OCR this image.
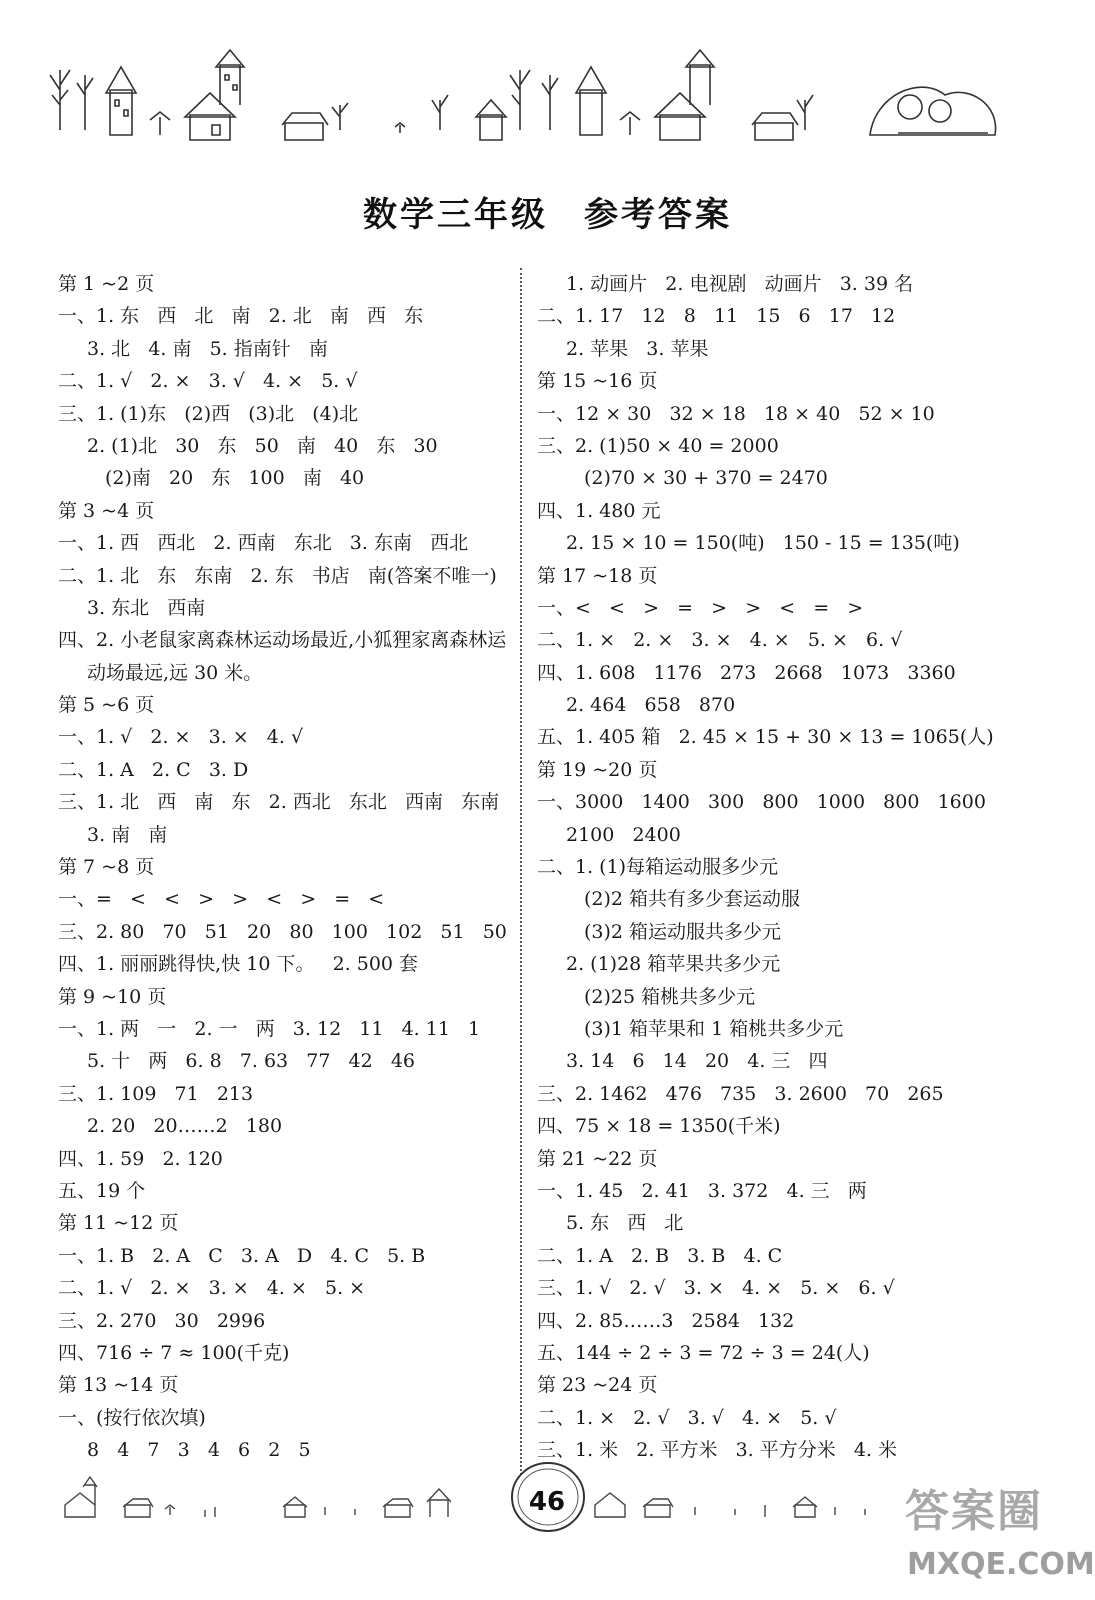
数学三年级 参考答案
第 1 ~2 页
一、1. 东   西   北   南   2. 北   南   西   东
3. 北   4. 南   5. 指南针   南
二、1. √   2. ×   3. √   4. ×   5. √
三、1. (1)东   (2)西   (3)北   (4)北
2. (1)北   30   东   50   南   40   东   30
(2)南   20   东   100   南   40
第 3 ~4 页
一、1. 西   西北   2. 西南   东北   3. 东南   西北
二、1. 北   东   东南   2. 东   书店   南(答案不唯一)
3. 东北   西南
四、2. 小老鼠家离森林运动场最近,小狐狸家离森林运
动场最远,远 30 米。
第 5 ~6 页
一、1. √   2. ×   3. ×   4. √
二、1. A   2. C   3. D
三、1. 北   西   南   东   2. 西北   东北   西南   东南
3. 南   南
第 7 ~8 页
一、=   <   <   >   >   <   >   =   <
三、2. 80   70   51   20   80   100   102   51   50
四、1. 丽丽跳得快,快 10 下。   2. 500 套
第 9 ~10 页
一、1. 两   一   2. 一   两   3. 12   11   4. 11   1
5. 十   两   6. 8   7. 63   77   42   46
三、1. 109   71   213
2. 20   20……2   180
四、1. 59   2. 120
五、19 个
第 11 ~12 页
一、1. B   2. A   C   3. A   D   4. C   5. B
二、1. √   2. ×   3. ×   4. ×   5. ×
三、2. 270   30   2996
四、716 ÷ 7 ≈ 100(千克)
第 13 ~14 页
一、(按行依次填)
8   4   7   3   4   6   2   5
1. 动画片   2. 电视剧   动画片   3. 39 名
二、1. 17   12   8   11   15   6   17   12
2. 苹果   3. 苹果
第 15 ~16 页
一、12 × 30   32 × 18   18 × 40   52 × 10
三、2. (1)50 × 40 = 2000
(2)70 × 30 + 370 = 2470
四、1. 480 元
2. 15 × 10 = 150(吨)   150 - 15 = 135(吨)
第 17 ~18 页
一、<   <   >   =   >   >   <   =   >
二、1. ×   2. ×   3. ×   4. ×   5. ×   6. √
四、1. 608   1176   273   2668   1073   3360
2. 464   658   870
五、1. 405 箱   2. 45 × 15 + 30 × 13 = 1065(人)
第 19 ~20 页
一、3000   1400   300   800   1000   800   1600
2100   2400
二、1. (1)每箱运动服多少元
(2)2 箱共有多少套运动服
(3)2 箱运动服共多少元
2. (1)28 箱苹果共多少元
(2)25 箱桃共多少元
(3)1 箱苹果和 1 箱桃共多少元
3. 14   6   14   20   4. 三   四
三、2. 1462   476   735   3. 2600   70   265
四、75 × 18 = 1350(千米)
第 21 ~22 页
一、1. 45   2. 41   3. 372   4. 三   两
5. 东   西   北
二、1. A   2. B   3. B   4. C
三、1. √   2. √   3. ×   4. ×   5. ×   6. √
四、2. 85……3   2584   132
五、144 ÷ 2 ÷ 3 = 72 ÷ 3 = 24(人)
第 23 ~24 页
二、1. ×   2. √   3. √   4. ×   5. √
三、1. 米   2. 平方米   3. 平方分米   4. 米
46	答案圈
MXQE.COM
